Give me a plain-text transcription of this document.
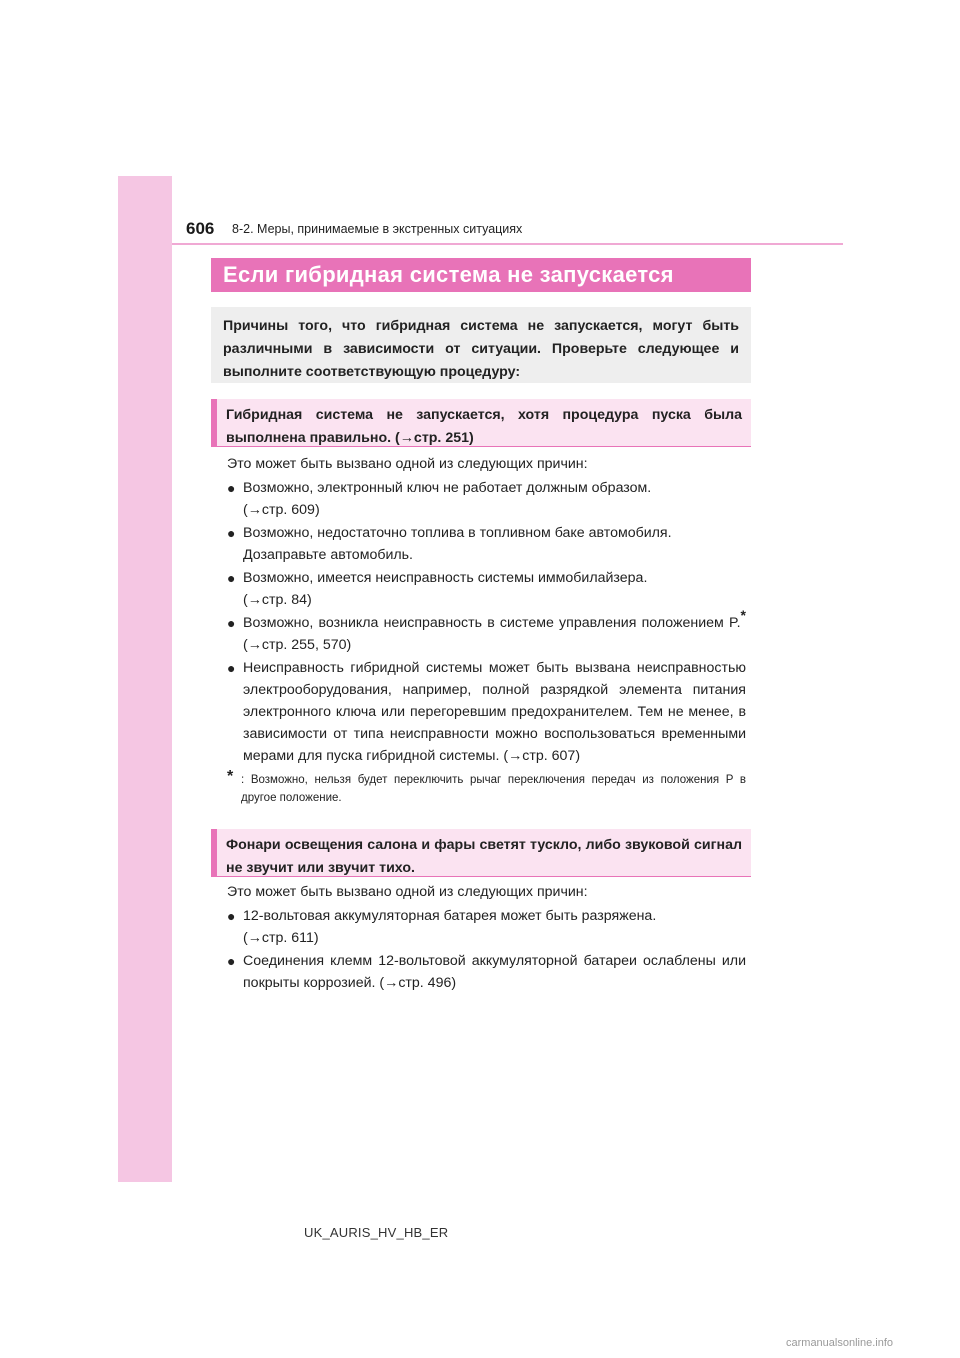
606 8-2. Меры, принимаемые в экстренных ситуациях
Если гибридная система не запускается
Причины того, что гибридная система не запускается, могут быть различными в зависимости от ситуации. Проверьте следующее и выполните соответствующую процедуру:
Гибридная система не запускается, хотя процедура пуска была выполнена правильно. (→стр. 251)
Это может быть вызвано одной из следующих причин:
● Возможно, электронный ключ не работает должным образом.
(→стр. 609)
● Возможно, недостаточно топлива в топливном баке автомобиля.
Дозаправьте автомобиль.
● Возможно, имеется неисправность системы иммобилайзера.
(→стр. 84)
● Возможно, возникла неисправность в системе управления положением P.* (→стр. 255, 570)
● Неисправность гибридной системы может быть вызвана неисправностью электрооборудования, например, полной разрядкой элемента питания электронного ключа или перегоревшим предохранителем. Тем не менее, в зависимости от типа неисправности можно воспользоваться временными мерами для пуска гибридной системы. (→стр. 607)
* : Возможно, нельзя будет переключить рычаг переключения передач из положения P в другое положение.
Фонари освещения салона и фары светят тускло, либо звуковой сигнал не звучит или звучит тихо.
Это может быть вызвано одной из следующих причин:
● 12-вольтовая аккумуляторная батарея может быть разряжена.
(→стр. 611)
● Соединения клемм 12-вольтовой аккумуляторной батареи ослаблены или покрыты коррозией. (→стр. 496)
UK_AURIS_HV_HB_ER
carmanualsonline.info
